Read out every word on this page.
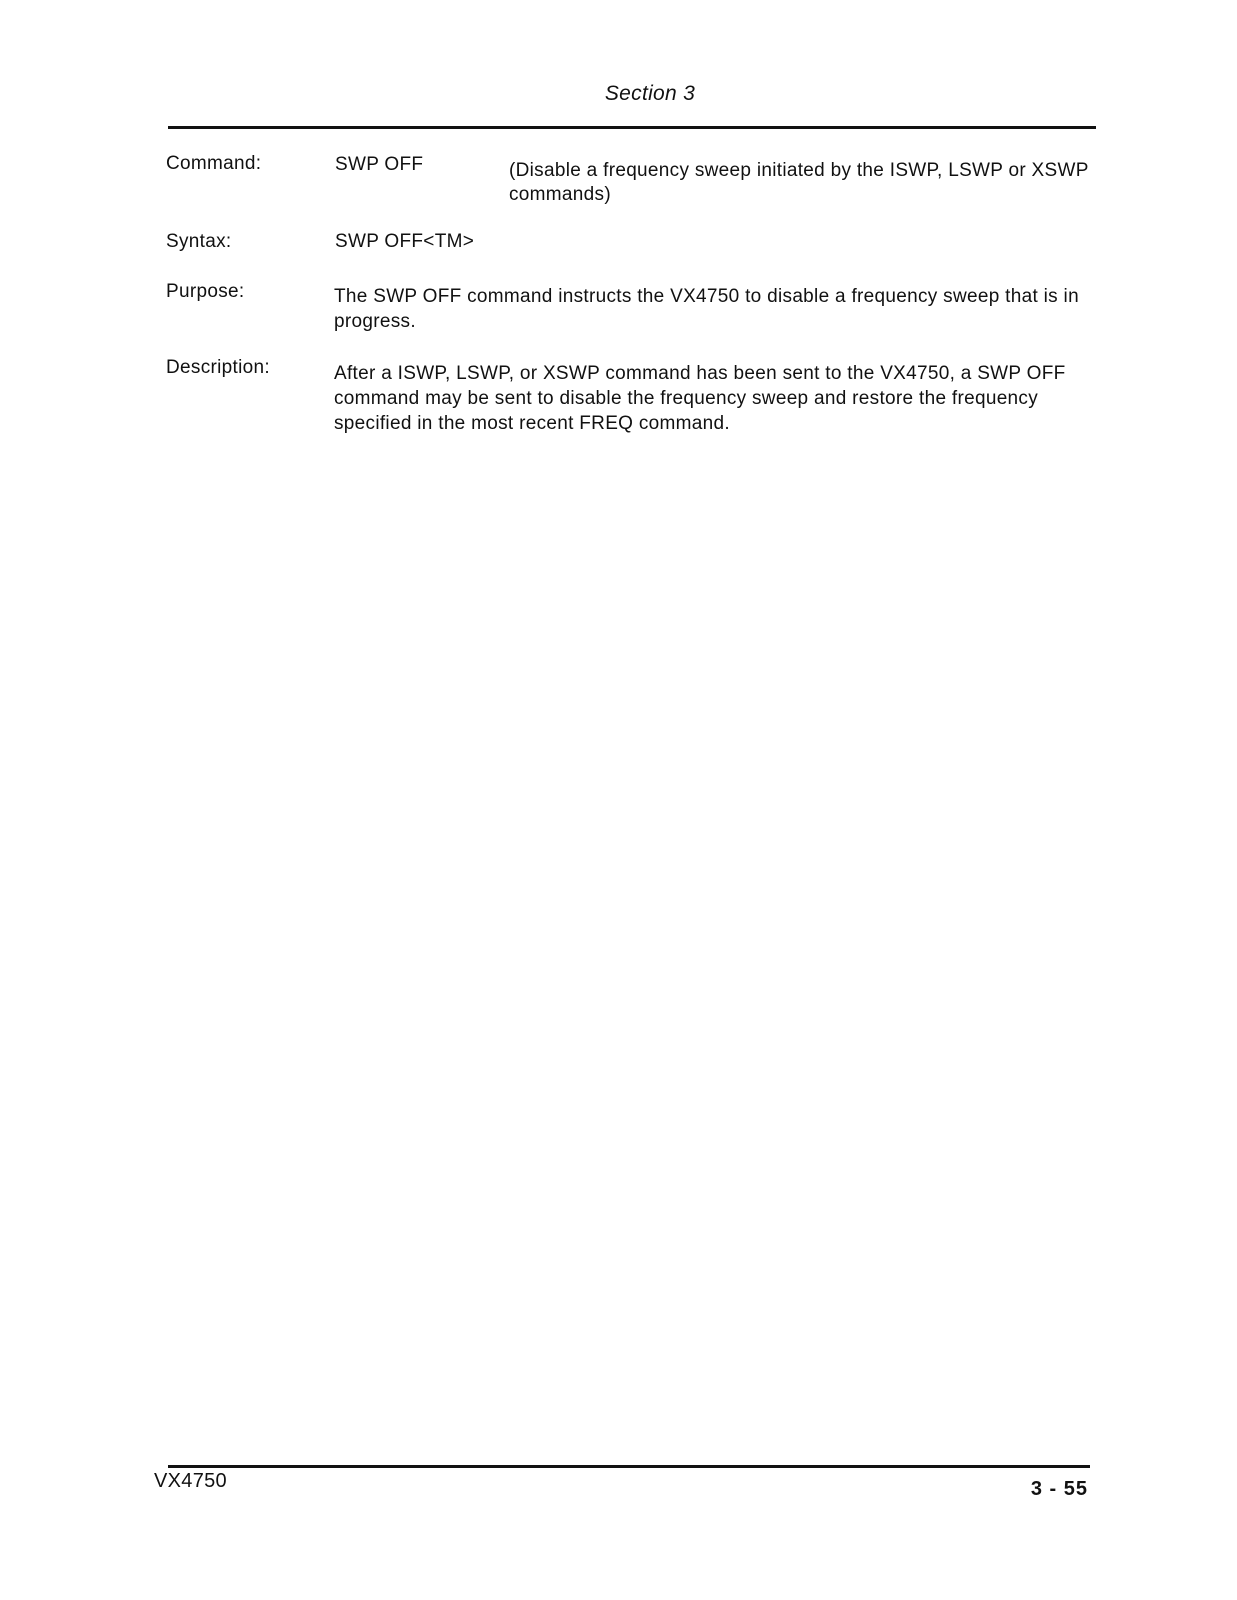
Section 3
Command:	SWP OFF	(Disable a frequency sweep initiated by the ISWP, LSWP or XSWP commands)

Syntax:	SWP OFF<TM>
Purpose:	The SWP OFF command instructs the VX4750 to disable a frequency sweep that is in progress.

Description:	After a ISWP, LSWP, or XSWP command has been sent to the VX4750, a SWP OFF command may be sent to disable the frequency sweep and restore the frequency specified in the most recent FREQ command.

VX4750	3 - 55
